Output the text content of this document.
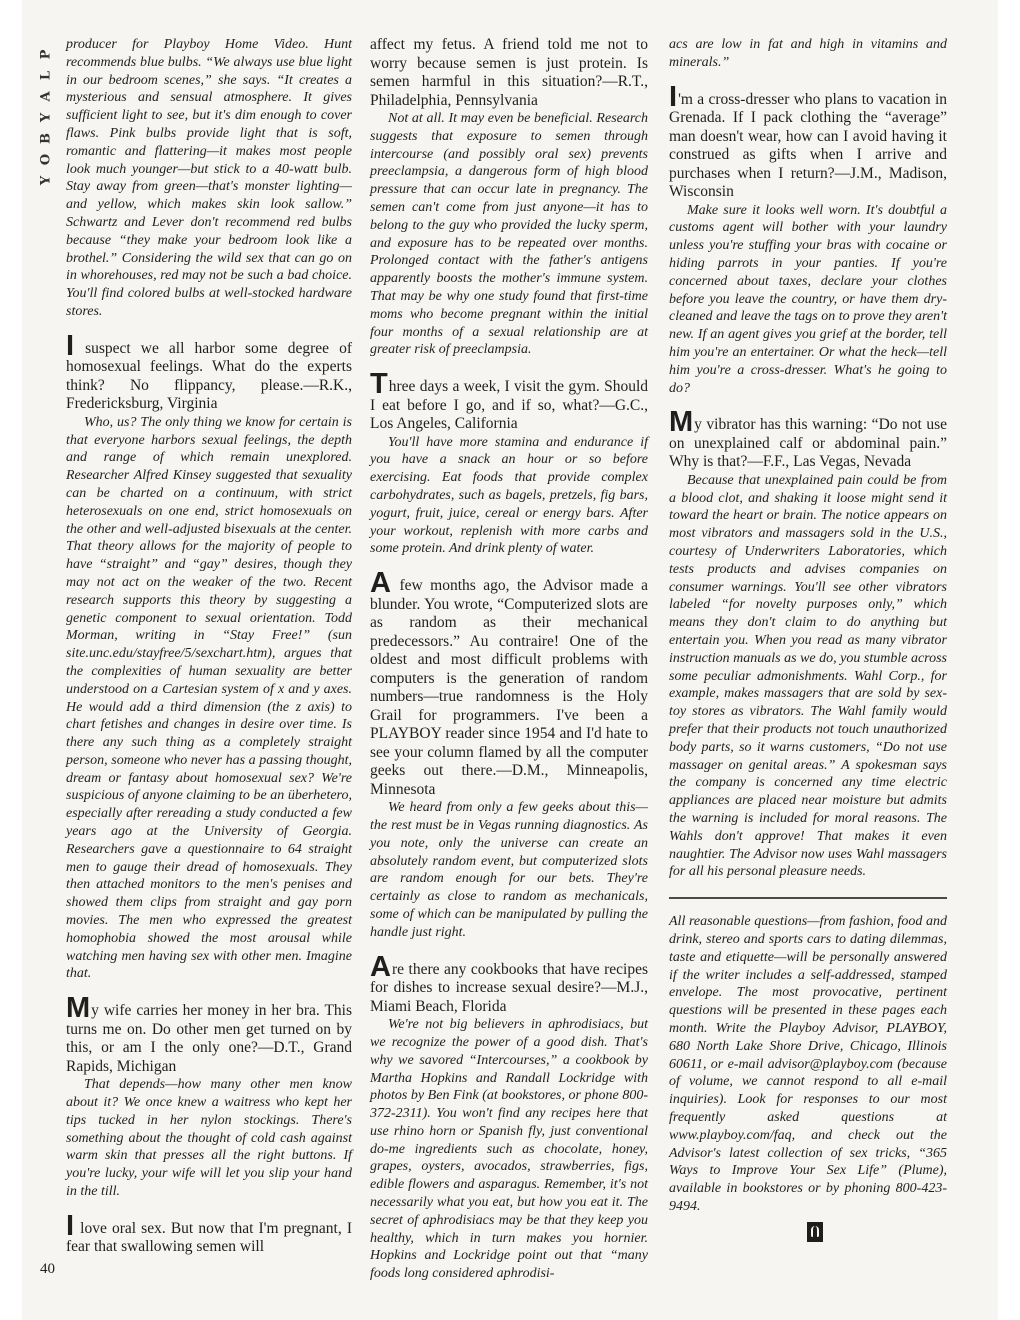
P
L
A
Y
B
O
Y
40

producer for Playboy Home Video. Hunt recommends blue bulbs. “We always use blue light in our bedroom scenes,” she says. “It creates a mysterious and sensual atmosphere. It gives sufficient light to see, but it's dim enough to cover flaws. Pink bulbs provide light that is soft, romantic and flattering—it makes most people look much younger—but stick to a 40-watt bulb. Stay away from green—that's monster lighting—and yellow, which makes skin look sallow.” Schwartz and Lever don't recommend red bulbs because “they make your bedroom look like a brothel.” Considering the wild sex that can go on in whorehouses, red may not be such a bad choice. You'll find colored bulbs at well-stocked hardware stores.

I suspect we all harbor some degree of homosexual feelings. What do the experts think? No flippancy, please.—R.K., Fredericksburg, Virginia

Who, us? The only thing we know for certain is that everyone harbors sexual feelings, the depth and range of which remain unexplored. Researcher Alfred Kinsey suggested that sexuality can be charted on a continuum, with strict heterosexuals on one end, strict homosexuals on the other and well-adjusted bisexuals at the center. That theory allows for the majority of people to have “straight” and “gay” desires, though they may not act on the weaker of the two. Recent research supports this theory by suggesting a genetic component to sexual orientation. Todd Morman, writing in “Stay Free!” (sun site.unc.edu/stayfree/5/sexchart.htm), argues that the complexities of human sexuality are better understood on a Cartesian system of x and y axes. He would add a third dimension (the z axis) to chart fetishes and changes in desire over time. Is there any such thing as a completely straight person, someone who never has a passing thought, dream or fantasy about homosexual sex? We're suspicious of anyone claiming to be an überhetero, especially after rereading a study conducted a few years ago at the University of Georgia. Researchers gave a questionnaire to 64 straight men to gauge their dread of homosexuals. They then attached monitors to the men's penises and showed them clips from straight and gay porn movies. The men who expressed the greatest homophobia showed the most arousal while watching men having sex with other men. Imagine that.

My wife carries her money in her bra. This turns me on. Do other men get turned on by this, or am I the only one?—D.T., Grand Rapids, Michigan

That depends—how many other men know about it? We once knew a waitress who kept her tips tucked in her nylon stockings. There's something about the thought of cold cash against warm skin that presses all the right buttons. If you're lucky, your wife will let you slip your hand in the till.

I love oral sex. But now that I'm pregnant, I fear that swallowing semen will

affect my fetus. A friend told me not to worry because semen is just protein. Is semen harmful in this situation?—R.T., Philadelphia, Pennsylvania

Not at all. It may even be beneficial. Research suggests that exposure to semen through intercourse (and possibly oral sex) prevents preeclampsia, a dangerous form of high blood pressure that can occur late in pregnancy. The semen can't come from just anyone—it has to belong to the guy who provided the lucky sperm, and exposure has to be repeated over months. Prolonged contact with the father's antigens apparently boosts the mother's immune system. That may be why one study found that first-time moms who become pregnant within the initial four months of a sexual relationship are at greater risk of preeclampsia.

Three days a week, I visit the gym. Should I eat before I go, and if so, what?—G.C., Los Angeles, California

You'll have more stamina and endurance if you have a snack an hour or so before exercising. Eat foods that provide complex carbohydrates, such as bagels, pretzels, fig bars, yogurt, fruit, juice, cereal or energy bars. After your workout, replenish with more carbs and some protein. And drink plenty of water.

A few months ago, the Advisor made a blunder. You wrote, “Computerized slots are as random as their mechanical predecessors.” Au contraire! One of the oldest and most difficult problems with computers is the generation of random numbers—true randomness is the Holy Grail for programmers. I've been a PLAYBOY reader since 1954 and I'd hate to see your column flamed by all the computer geeks out there.—D.M., Minneapolis, Minnesota

We heard from only a few geeks about this—the rest must be in Vegas running diagnostics. As you note, only the universe can create an absolutely random event, but computerized slots are random enough for our bets. They're certainly as close to random as mechanicals, some of which can be manipulated by pulling the handle just right.

Are there any cookbooks that have recipes for dishes to increase sexual desire?—M.J., Miami Beach, Florida

We're not big believers in aphrodisiacs, but we recognize the power of a good dish. That's why we savored “Intercourses,” a cookbook by Martha Hopkins and Randall Lockridge with photos by Ben Fink (at bookstores, or phone 800-372-2311). You won't find any recipes here that use rhino horn or Spanish fly, just conventional do-me ingredients such as chocolate, honey, grapes, oysters, avocados, strawberries, figs, edible flowers and asparagus. Remember, it's not necessarily what you eat, but how you eat it. The secret of aphrodisiacs may be that they keep you healthy, which in turn makes you hornier. Hopkins and Lockridge point out that “many foods long considered aphrodisi-

acs are low in fat and high in vitamins and minerals.”

I'm a cross-dresser who plans to vacation in Grenada. If I pack clothing the “average” man doesn't wear, how can I avoid having it construed as gifts when I arrive and purchases when I return?—J.M., Madison, Wisconsin

Make sure it looks well worn. It's doubtful a customs agent will bother with your laundry unless you're stuffing your bras with cocaine or hiding parrots in your panties. If you're concerned about taxes, declare your clothes before you leave the country, or have them dry-cleaned and leave the tags on to prove they aren't new. If an agent gives you grief at the border, tell him you're an entertainer. Or what the heck—tell him you're a cross-dresser. What's he going to do?

My vibrator has this warning: “Do not use on unexplained calf or abdominal pain.” Why is that?—F.F., Las Vegas, Nevada

Because that unexplained pain could be from a blood clot, and shaking it loose might send it toward the heart or brain. The notice appears on most vibrators and massagers sold in the U.S., courtesy of Underwriters Laboratories, which tests products and advises companies on consumer warnings. You'll see other vibrators labeled “for novelty purposes only,” which means they don't claim to do anything but entertain you. When you read as many vibrator instruction manuals as we do, you stumble across some peculiar admonishments. Wahl Corp., for example, makes massagers that are sold by sex-toy stores as vibrators. The Wahl family would prefer that their products not touch unauthorized body parts, so it warns customers, “Do not use massager on genital areas.” A spokesman says the company is concerned any time electric appliances are placed near moisture but admits the warning is included for moral reasons. The Wahls don't approve! That makes it even naughtier. The Advisor now uses Wahl massagers for all his personal pleasure needs.

All reasonable questions—from fashion, food and drink, stereo and sports cars to dating dilemmas, taste and etiquette—will be personally answered if the writer includes a self-addressed, stamped envelope. The most provocative, pertinent questions will be presented in these pages each month. Write the Playboy Advisor, PLAYBOY, 680 North Lake Shore Drive, Chicago, Illinois 60611, or e-mail advisor@playboy.com (because of volume, we cannot respond to all e-mail inquiries). Look for responses to our most frequently asked questions at www.playboy.com/faq, and check out the Advisor's latest collection of sex tricks, “365 Ways to Improve Your Sex Life” (Plume), available in bookstores or by phoning 800-423-9494.
